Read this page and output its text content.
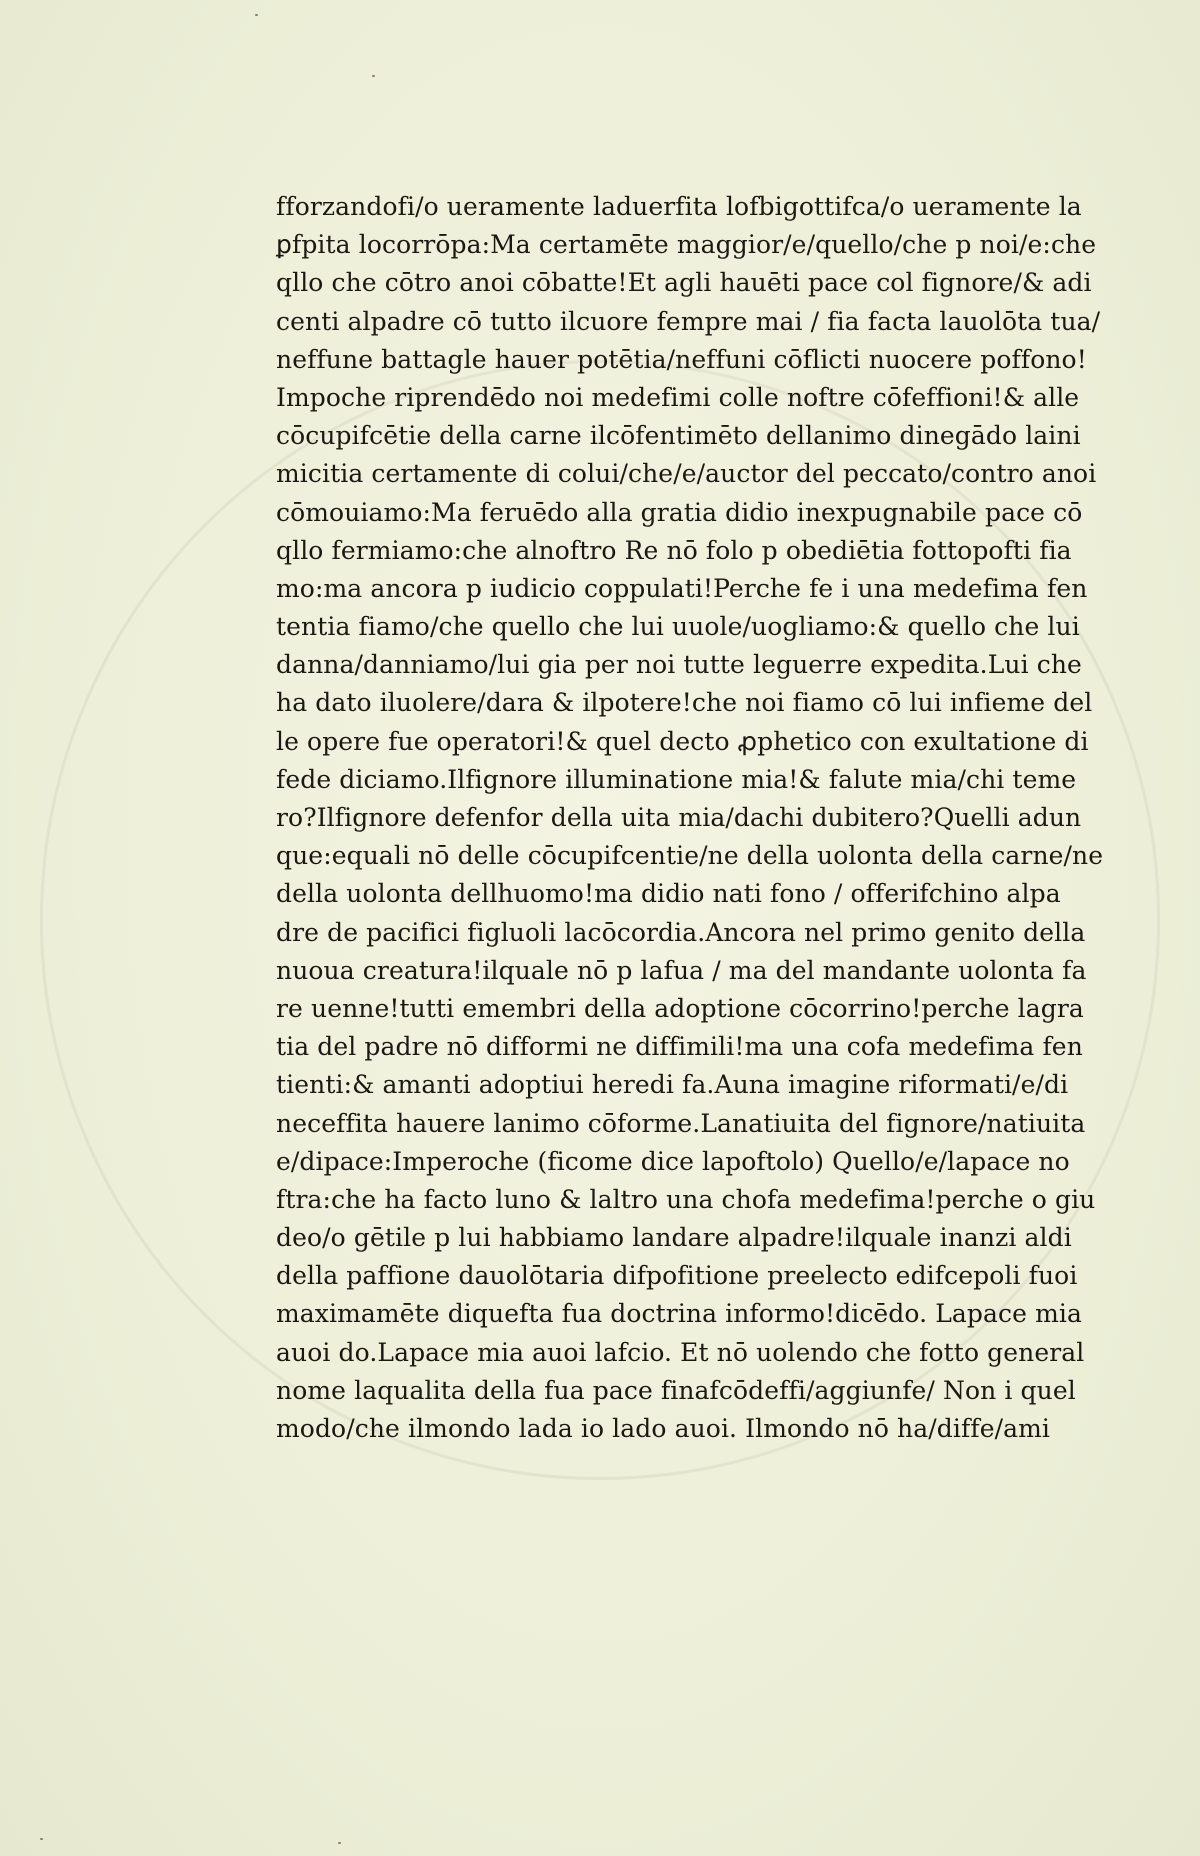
fforzandofi/o ueramente laduerfita lofbigottifca/o ueramente la
ꝑfpita locorrōpa:Ma certamēte maggior/e/quello/che p noi/e:che
qllo che cōtro anoi cōbatte!Et agli hauēti pace col fignore/& adi
centi alpadre cō tutto ilcuore fempre mai / fia facta lauolōta tua/
neffune battagle hauer potētia/neffuni cōflicti nuocere poffono!
Impoche riprendēdo noi medefimi colle noftre cōfeffioni!& alle
cōcupifcētie della carne ilcōfentimēto dellanimo dinegādo laini
micitia certamente di colui/che/e/auctor del peccato/contro anoi
cōmouiamo:Ma feruēdo alla gratia didio inexpugnabile pace cō
qllo fermiamo:che alnoftro Re nō folo p obediētia fottopofti fia
mo:ma ancora p iudicio coppulati!Perche fe i una medefima fen
tentia fiamo/che quello che lui uuole/uogliamo:& quello che lui
danna/danniamo/lui gia per noi tutte leguerre expedita.Lui che
ha dato iluolere/dara & ilpotere!che noi fiamo cō lui infieme del
le opere fue operatori!& quel decto ꝓphetico con exultatione di
fede diciamo.Ilfignore illuminatione mia!& falute mia/chi teme
ro?Ilfignore defenfor della uita mia/dachi dubitero?Quelli adun
que:equali nō delle cōcupifcentie/ne della uolonta della carne/ne
della uolonta dellhuomo!ma didio nati fono / offerifchino alpa
dre de pacifici figluoli lacōcordia.Ancora nel primo genito della
nuoua creatura!ilquale nō p lafua / ma del mandante uolonta fa
re uenne!tutti emembri della adoptione cōcorrino!perche lagra
tia del padre nō difformi ne diffimili!ma una cofa medefima fen
tienti:& amanti adoptiui heredi fa.Auna imagine riformati/e/di
neceffita hauere lanimo cōforme.Lanatiuita del fignore/natiuita
e/dipace:Imperoche (ficome dice lapoftolo) Quello/e/lapace no
ftra:che ha facto luno & laltro una chofa medefima!perche o giu
deo/o gētile p lui habbiamo landare alpadre!ilquale inanzi aldi
della paffione dauolōtaria difpofitione preelecto edifcepoli fuoi
maximamēte diquefta fua doctrina informo!dicēdo. Lapace mia
auoi do.Lapace mia auoi lafcio. Et nō uolendo che fotto general
nome laqualita della fua pace finafcōdeffi/aggiunfe/ Non i quel
modo/che ilmondo lada io lado auoi. Ilmondo nō ha/diffe/ami
